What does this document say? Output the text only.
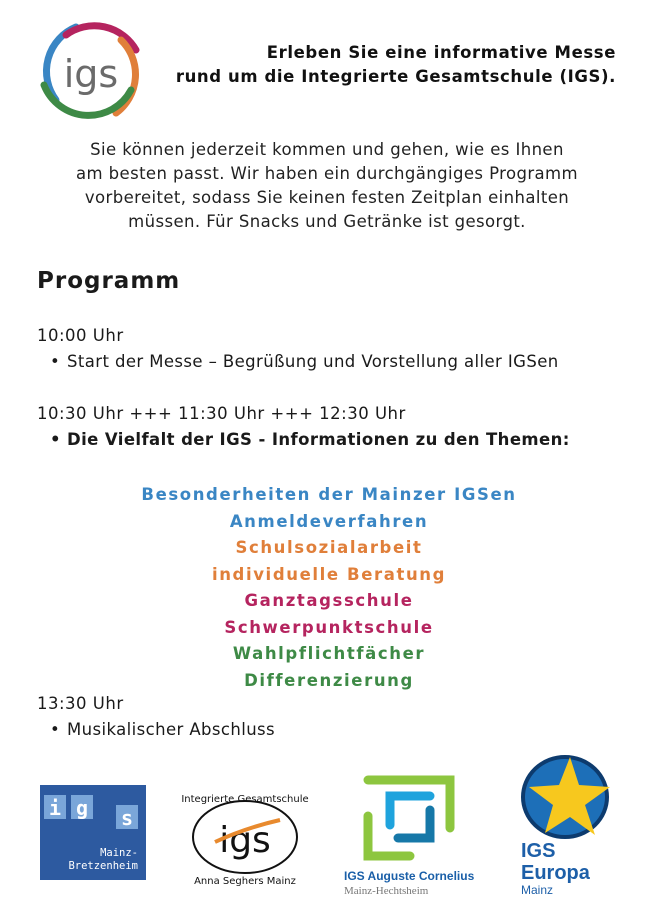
igs	Erleben Sie eine informative Messe
rund um die Integrierte Gesamtschule (IGS).
Sie können jederzeit kommen und gehen, wie es Ihnen
am besten passt. Wir haben ein durchgängiges Programm
vorbereitet, sodass Sie keinen festen Zeitplan einhalten
müssen. Für Snacks und Getränke ist gesorgt.
Programm
10:00 Uhr
• Start der Messe – Begrüßung und Vorstellung aller IGSen
10:30 Uhr +++ 11:30 Uhr +++ 12:30 Uhr
• Die Vielfalt der IGS - Informationen zu den Themen:
Besonderheiten der Mainzer IGSen
Anmeldeverfahren
Schulsozialarbeit
individuelle Beratung
Ganztagsschule
Schwerpunktschule
Wahlpflichtfächer
Differenzierung
13:30 Uhr
• Musikalischer Abschluss
i g s
Mainz-
Bretzenheim
Integrierte Gesamtschule
igs
Anna Seghers Mainz	IGS Auguste Cornelius
Mainz-Hechtsheim
IGS
Europa
Mainz
